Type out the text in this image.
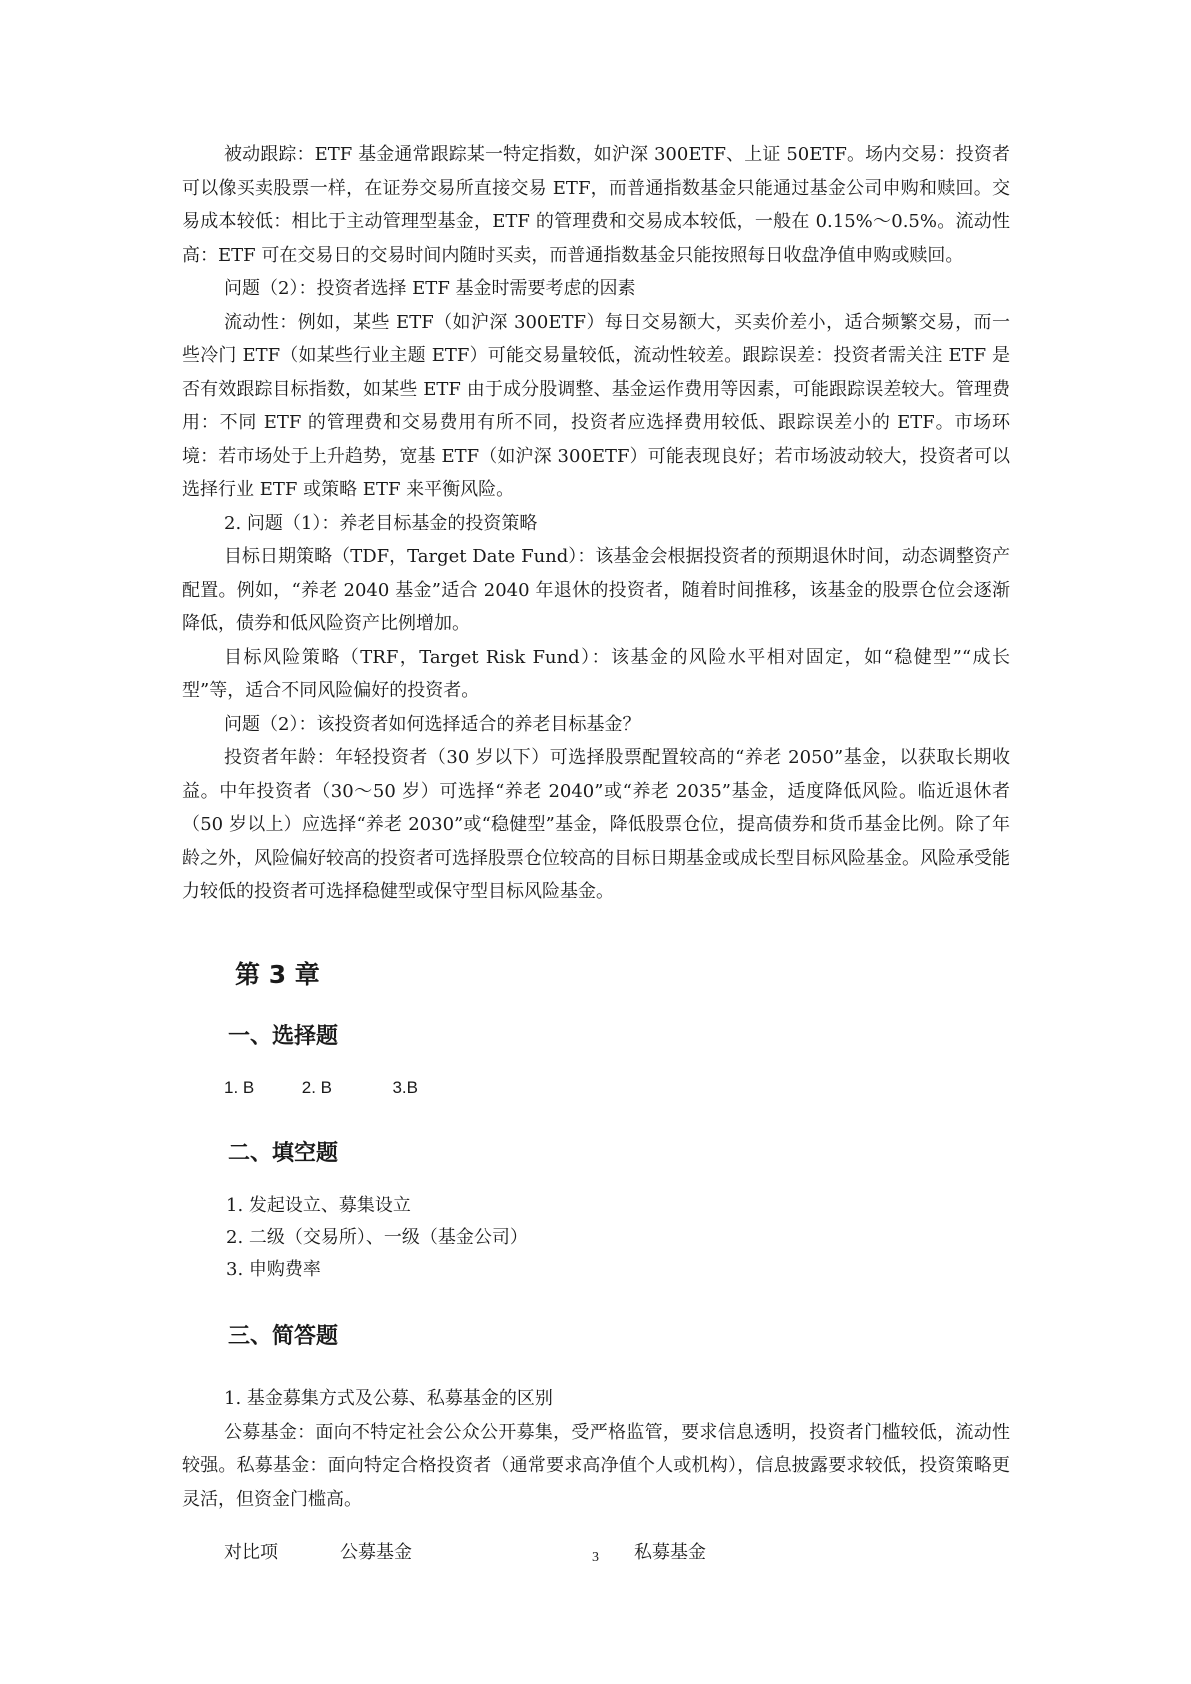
被动跟踪：ETF 基金通常跟踪某一特定指数，如沪深 300ETF、上证 50ETF。场内交易：投资者可以像买卖股票一样，在证券交易所直接交易 ETF，而普通指数基金只能通过基金公司申购和赎回。交易成本较低：相比于主动管理型基金，ETF 的管理费和交易成本较低，一般在 0.15%～0.5%。流动性高：ETF 可在交易日的交易时间内随时买卖，而普通指数基金只能按照每日收盘净值申购或赎回。

问题（2）：投资者选择 ETF 基金时需要考虑的因素

流动性：例如，某些 ETF（如沪深 300ETF）每日交易额大，买卖价差小，适合频繁交易，而一些冷门 ETF（如某些行业主题 ETF）可能交易量较低，流动性较差。跟踪误差：投资者需关注 ETF 是否有效跟踪目标指数，如某些 ETF 由于成分股调整、基金运作费用等因素，可能跟踪误差较大。管理费用：不同 ETF 的管理费和交易费用有所不同，投资者应选择费用较低、跟踪误差小的 ETF。市场环境：若市场处于上升趋势，宽基 ETF（如沪深 300ETF）可能表现良好；若市场波动较大，投资者可以选择行业 ETF 或策略 ETF 来平衡风险。

2. 问题（1）：养老目标基金的投资策略

目标日期策略（TDF，Target Date Fund）：该基金会根据投资者的预期退休时间，动态调整资产配置。例如，“养老 2040 基金”适合 2040 年退休的投资者，随着时间推移，该基金的股票仓位会逐渐降低，债券和低风险资产比例增加。

目标风险策略（TRF，Target Risk Fund）：该基金的风险水平相对固定，如“稳健型”“成长型”等，适合不同风险偏好的投资者。

问题（2）：该投资者如何选择适合的养老目标基金？

投资者年龄：年轻投资者（30 岁以下）可选择股票配置较高的“养老 2050”基金，以获取长期收益。中年投资者（30～50 岁）可选择“养老 2040”或“养老 2035”基金，适度降低风险。临近退休者（50 岁以上）应选择“养老 2030”或“稳健型”基金，降低股票仓位，提高债券和货币基金比例。除了年龄之外，风险偏好较高的投资者可选择股票仓位较高的目标日期基金或成长型目标风险基金。风险承受能力较低的投资者可选择稳健型或保守型目标风险基金。

第 3 章
一、选择题
1. B	2. B	3.B
二、填空题
1. 发起设立、募集设立
2. 二级（交易所）、一级（基金公司）
3. 申购费率
三、简答题
1. 基金募集方式及公募、私募基金的区别

公募基金：面向不特定社会公众公开募集，受严格监管，要求信息透明，投资者门槛较低，流动性较强。私募基金：面向特定合格投资者（通常要求高净值个人或机构），信息披露要求较低，投资策略更灵活，但资金门槛高。

对比项	公募基金	私募基金
3
